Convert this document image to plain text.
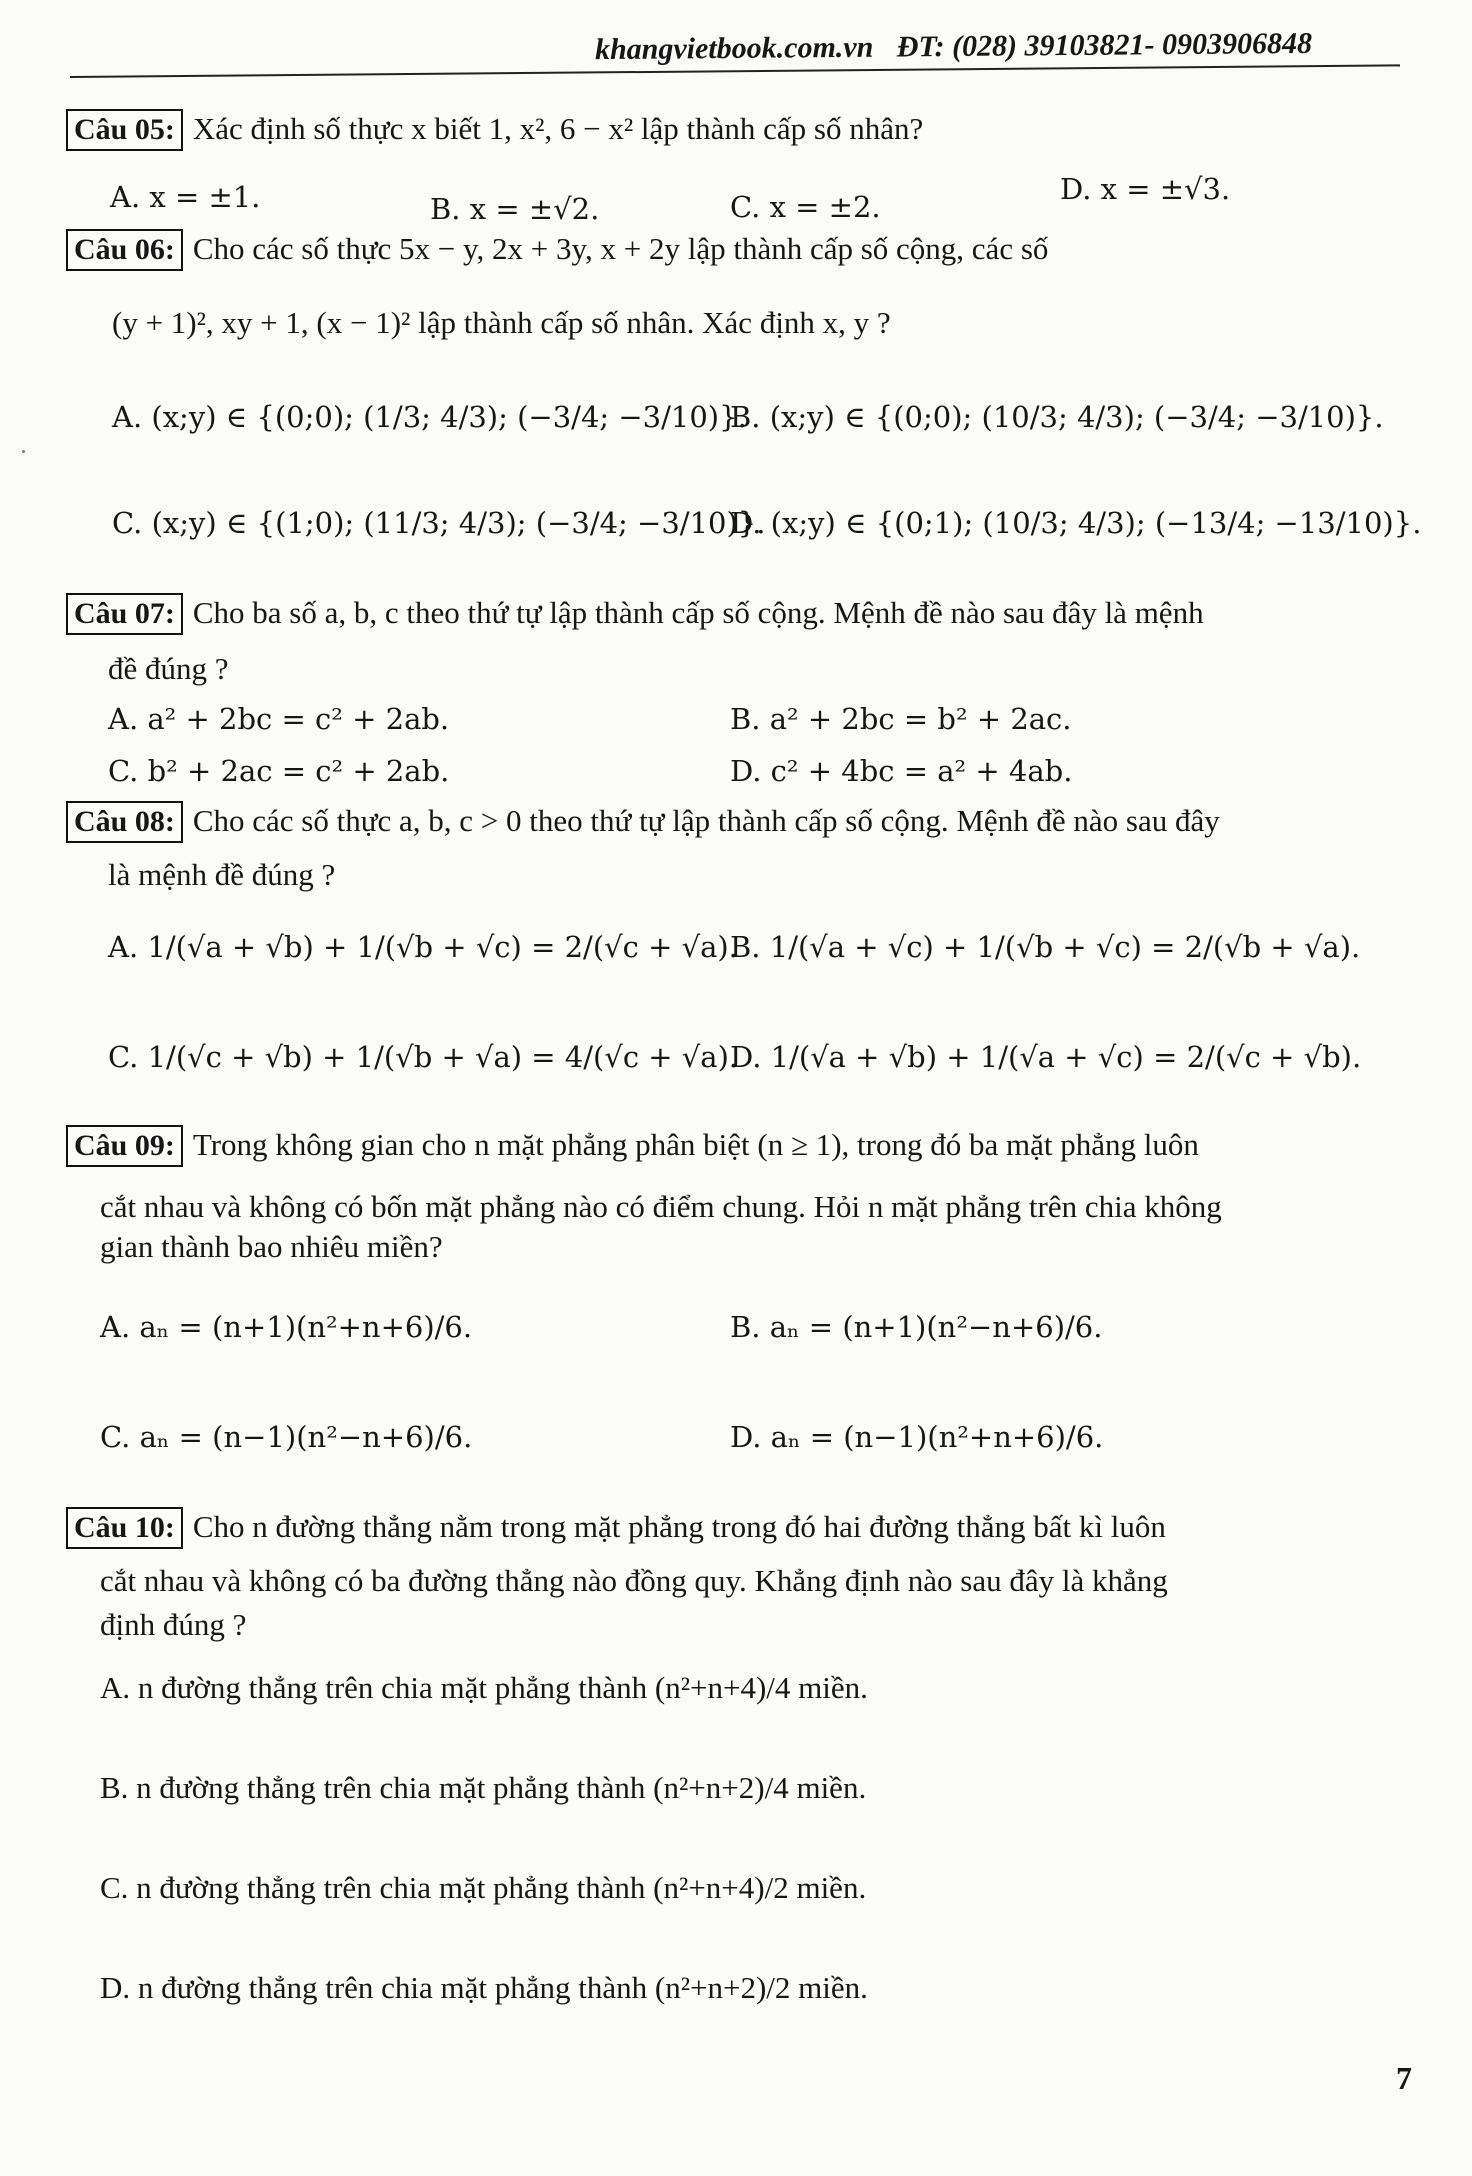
khangvietbook.com.vn ĐT: (028) 39103821- 0903906848
Câu 05: Xác định số thực x biết 1, x², 6 − x² lập thành cấp số nhân?
A. x = ±1.	B. x = ±√2.	C. x = ±2.
D. x = ±√3.
Câu 06: Cho các số thực 5x − y, 2x + 3y, x + 2y lập thành cấp số cộng, các số
(y + 1)², xy + 1, (x − 1)² lập thành cấp số nhân. Xác định x, y ?
A. (x;y) ∈ {(0;0); (1/3; 4/3); (−3/4; −3/10)}.
B. (x;y) ∈ {(0;0); (10/3; 4/3); (−3/4; −3/10)}.
C. (x;y) ∈ {(1;0); (11/3; 4/3); (−3/4; −3/10)}.
D. (x;y) ∈ {(0;1); (10/3; 4/3); (−13/4; −13/10)}.
Câu 07: Cho ba số a, b, c theo thứ tự lập thành cấp số cộng. Mệnh đề nào sau đây là mệnh
đề đúng ?
A. a² + 2bc = c² + 2ab.	B. a² + 2bc = b² + 2ac.
C. b² + 2ac = c² + 2ab.	D. c² + 4bc = a² + 4ab.
Câu 08: Cho các số thực a, b, c > 0 theo thứ tự lập thành cấp số cộng. Mệnh đề nào sau đây
là mệnh đề đúng ?
A. 1/(√a + √b) + 1/(√b + √c) = 2/(√c + √a).
B. 1/(√a + √c) + 1/(√b + √c) = 2/(√b + √a).
C. 1/(√c + √b) + 1/(√b + √a) = 4/(√c + √a).
D. 1/(√a + √b) + 1/(√a + √c) = 2/(√c + √b).
Câu 09: Trong không gian cho n mặt phẳng phân biệt (n ≥ 1), trong đó ba mặt phẳng luôn
cắt nhau và không có bốn mặt phẳng nào có điểm chung. Hỏi n mặt phẳng trên chia không
gian thành bao nhiêu miền?
A. aₙ = (n+1)(n²+n+6)/6.	B. aₙ = (n+1)(n²−n+6)/6.
C. aₙ = (n−1)(n²−n+6)/6.	D. aₙ = (n−1)(n²+n+6)/6.
Câu 10: Cho n đường thẳng nằm trong mặt phẳng trong đó hai đường thẳng bất kì luôn
cắt nhau và không có ba đường thẳng nào đồng quy. Khẳng định nào sau đây là khẳng
định đúng ?
A. n đường thẳng trên chia mặt phẳng thành (n²+n+4)/4 miền.
B. n đường thẳng trên chia mặt phẳng thành (n²+n+2)/4 miền.
C. n đường thẳng trên chia mặt phẳng thành (n²+n+4)/2 miền.
D. n đường thẳng trên chia mặt phẳng thành (n²+n+2)/2 miền.
7
